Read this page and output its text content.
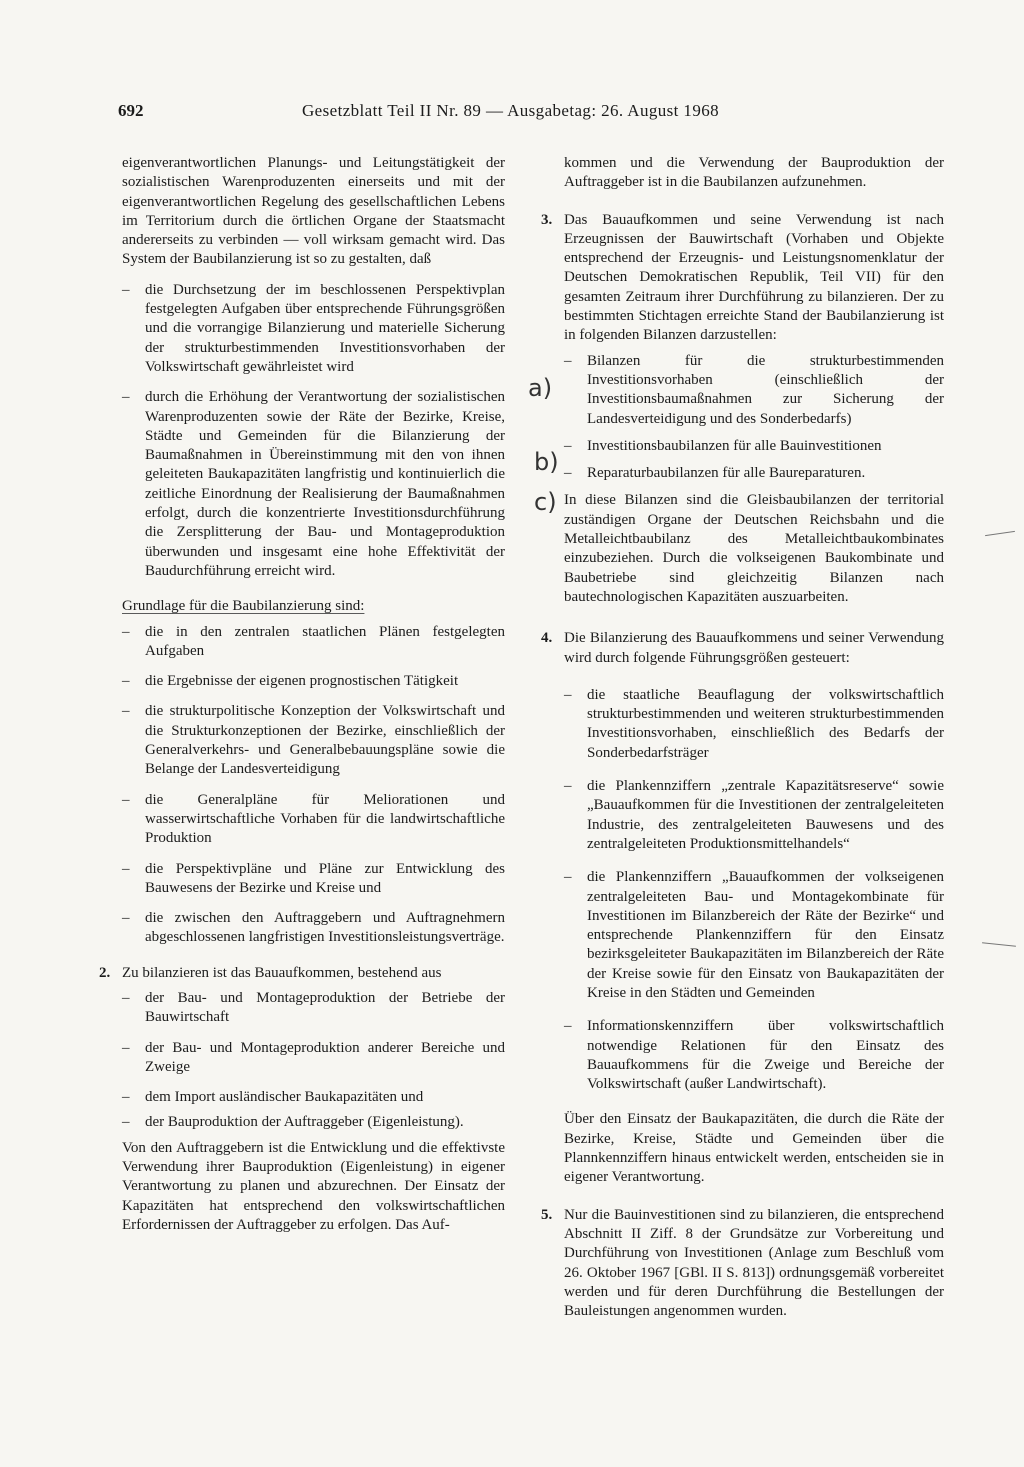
692	Gesetzblatt Teil II Nr. 89 — Ausgabetag: 26. August 1968

eigenverantwortlichen Planungs- und Leitungstätigkeit der sozialistischen Warenproduzenten einerseits und mit der eigenverantwortlichen Regelung des gesellschaftlichen Lebens im Territorium durch die örtlichen Organe der Staatsmacht andererseits zu verbinden — voll wirksam gemacht wird. Das System der Baubilanzierung ist so zu gestalten, daß

– die Durchsetzung der im beschlossenen Perspektivplan festgelegten Aufgaben über entsprechende Führungsgrößen und die vorrangige Bilanzierung und materielle Sicherung der strukturbestimmenden Investitionsvorhaben der Volkswirtschaft gewährleistet wird
– durch die Erhöhung der Verantwortung der sozialistischen Warenproduzenten sowie der Räte der Bezirke, Kreise, Städte und Gemeinden für die Bilanzierung der Baumaßnahmen in Übereinstimmung mit den von ihnen geleiteten Baukapazitäten langfristig und kontinuierlich die zeitliche Einordnung der Realisierung der Baumaßnahmen erfolgt, durch die konzentrierte Investitionsdurchführung die Zersplitterung der Bau- und Montageproduktion überwunden und insgesamt eine hohe Effektivität der Baudurchführung erreicht wird.

Grundlage für die Baubilanzierung sind:

– die in den zentralen staatlichen Plänen festgelegten Aufgaben
– die Ergebnisse der eigenen prognostischen Tätigkeit
– die strukturpolitische Konzeption der Volkswirtschaft und die Strukturkonzeptionen der Bezirke, einschließlich der Generalverkehrs- und Generalbebauungspläne sowie die Belange der Landesverteidigung
– die Generalpläne für Meliorationen und wasserwirtschaftliche Vorhaben für die landwirtschaftliche Produktion
– die Perspektivpläne und Pläne zur Entwicklung des Bauwesens der Bezirke und Kreise und
– die zwischen den Auftraggebern und Auftragnehmern abgeschlossenen langfristigen Investitionsleistungsverträge.
2. Zu bilanzieren ist das Bauaufkommen, bestehend aus
– der Bau- und Montageproduktion der Betriebe der Bauwirtschaft
– der Bau- und Montageproduktion anderer Bereiche und Zweige
– dem Import ausländischer Baukapazitäten und
– der Bauproduktion der Auftraggeber (Eigenleistung).

Von den Auftraggebern ist die Entwicklung und die effektivste Verwendung ihrer Bauproduktion (Eigenleistung) in eigener Verantwortung zu planen und abzurechnen. Der Einsatz der Kapazitäten hat entsprechend den volkswirtschaftlichen Erfordernissen der Auftraggeber zu erfolgen. Das Auf-

kommen und die Verwendung der Bauproduktion der Auftraggeber ist in die Baubilanzen aufzunehmen.

3. Das Bauaufkommen und seine Verwendung ist nach Erzeugnissen der Bauwirtschaft (Vorhaben und Objekte entsprechend der Erzeugnis- und Leistungsnomenklatur der Deutschen Demokratischen Republik, Teil VII) für den gesamten Zeitraum ihrer Durchführung zu bilanzieren. Der zu bestimmten Stichtagen erreichte Stand der Baubilanzierung ist in folgenden Bilanzen darzustellen:
– Bilanzen für die strukturbestimmenden Investitionsvorhaben (einschließlich der Investitionsbaumaßnahmen zur Sicherung der Landesverteidigung und des Sonderbedarfs)
– Investitionsbaubilanzen für alle Bauinvestitionen
– Reparaturbaubilanzen für alle Baureparaturen.

In diese Bilanzen sind die Gleisbaubilanzen der territorial zuständigen Organe der Deutschen Reichsbahn und die Metalleichtbaubilanz des Metalleichtbaukombinates einzubeziehen. Durch die volkseigenen Baukombinate und Baubetriebe sind gleichzeitig Bilanzen nach bautechnologischen Kapazitäten auszuarbeiten.

4. Die Bilanzierung des Bauaufkommens und seiner Verwendung wird durch folgende Führungsgrößen gesteuert:
– die staatliche Beauflagung der volkswirtschaftlich strukturbestimmenden und weiteren strukturbestimmenden Investitionsvorhaben, einschließlich des Bedarfs der Sonderbedarfsträger
– die Plankennziffern „zentrale Kapazitätsreserve“ sowie „Bauaufkommen für die Investitionen der zentralgeleiteten Industrie, des zentralgeleiteten Bauwesens und des zentralgeleiteten Produktionsmittelhandels“
– die Plankennziffern „Bauaufkommen der volkseigenen zentralgeleiteten Bau- und Montagekombinate für Investitionen im Bilanzbereich der Räte der Bezirke“ und entsprechende Plankennziffern für den Einsatz bezirksgeleiteter Baukapazitäten im Bilanzbereich der Räte der Kreise sowie für den Einsatz von Baukapazitäten der Kreise in den Städten und Gemeinden
– Informationskennziffern über volkswirtschaftlich notwendige Relationen für den Einsatz des Bauaufkommens für die Zweige und Bereiche der Volkswirtschaft (außer Landwirtschaft).

Über den Einsatz der Baukapazitäten, die durch die Räte der Bezirke, Kreise, Städte und Gemeinden über die Plannkennziffern hinaus entwickelt werden, entscheiden sie in eigener Verantwortung.

5. Nur die Bauinvestitionen sind zu bilanzieren, die entsprechend Abschnitt II Ziff. 8 der Grundsätze zur Vorbereitung und Durchführung von Investitionen (Anlage zum Beschluß vom 26. Oktober 1967 [GBl. II S. 813]) ordnungsgemäß vorbereitet werden und für deren Durchführung die Bestellungen der Bauleistungen angenommen wurden.
a)
b)
c)
